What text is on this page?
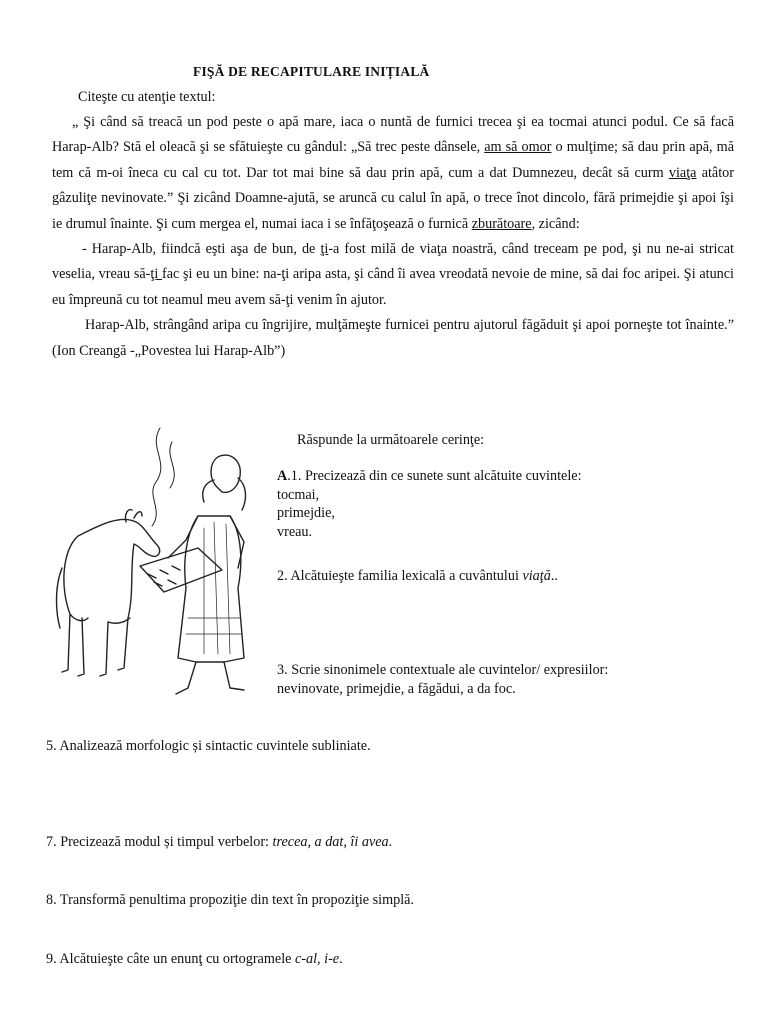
FIŞĂ DE RECAPITULARE INIȚIALĂ
Citeşte cu atenţie textul:

„ Şi când să treacă un pod peste o apă mare, iaca o nuntă de furnici trecea şi ea tocmai atunci podul. Ce să facă Harap-Alb? Stă el oleacă şi se sfătuieşte cu gândul: „Să trec peste dânsele, am să omor o mulţime; să dau prin apă, mă tem că m-oi îneca cu cal cu tot. Dar tot mai bine să dau prin apă, cum a dat Dumnezeu, decât să curm viaţa atâtor gâzuliţe nevinovate.” Şi zicând Doamne-ajută, se aruncă cu calul în apă, o trece înot dincolo, fără primejdie şi apoi îşi ie drumul înainte. Şi cum mergea el, numai iaca i se înfăţoşează o furnică zburătoare, zicând:

- Harap-Alb, fiindcă eşti aşa de bun, de ţi-a fost milă de viaţa noastră, când treceam pe pod, şi nu ne-ai stricat veselia, vreau să-ţi fac şi eu un bine: na-ţi aripa asta, şi când îi avea vreodată nevoie de mine, să dai foc aripei. Şi atunci eu împreună cu tot neamul meu avem să-ţi venim în ajutor.

Harap-Alb, strângând aripa cu îngrijire, mulţămeşte furnicei pentru ajutorul făgăduit şi apoi porneşte tot înainte.” (Ion Creangă -„Povestea lui Harap-Alb”)

Răspunde la următoarele cerinţe:
A.1. Precizează din ce sunete sunt alcătuite cuvintele:
tocmai,
primejdie,
vreau.
2. Alcătuieşte familia lexicală a cuvântului viaţă..
3. Scrie sinonimele contextuale ale cuvintelor/ expresiilor:
nevinovate, primejdie, a făgădui, a da foc.
5. Analizează morfologic și sintactic cuvintele subliniate.
7. Precizează modul și timpul verbelor: trecea, a dat, îi avea.
8. Transformă penultima propoziţie din text în propoziţie simplă.
9. Alcătuieşte câte un enunţ cu ortogramele c-al, i-e.
